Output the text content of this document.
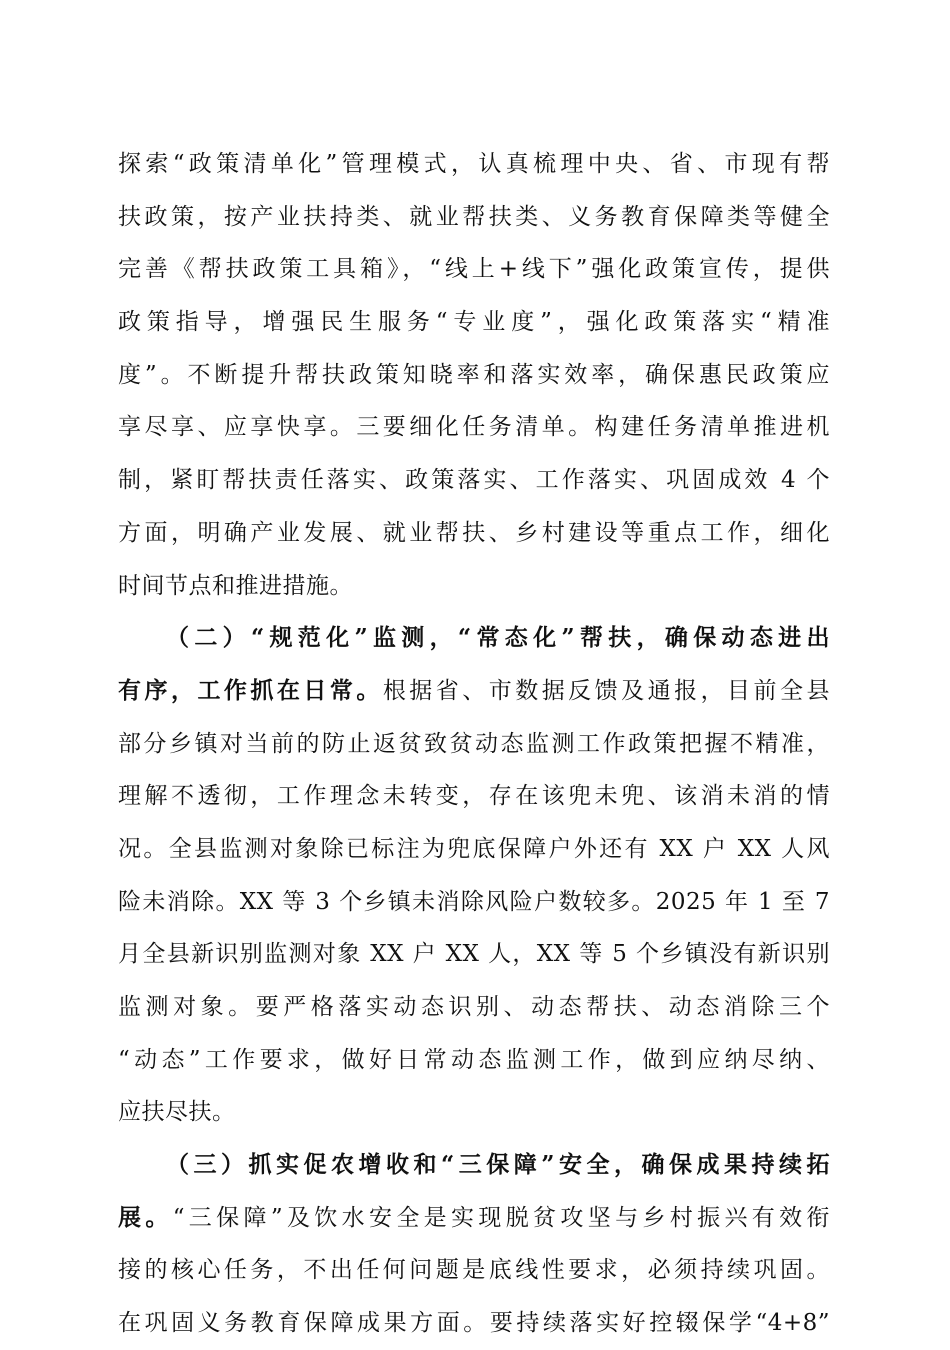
探索“政策清单化”管理模式，认真梳理中央、省、市现有帮
扶政策，按产业扶持类、就业帮扶类、义务教育保障类等健全
完善《帮扶政策工具箱》，“线上+线下”强化政策宣传，提供
政策指导，增强民生服务“专业度”，强化政策落实“精准
度”。不断提升帮扶政策知晓率和落实效率，确保惠民政策应
享尽享、应享快享。三要细化任务清单。构建任务清单推进机
制，紧盯帮扶责任落实、政策落实、工作落实、巩固成效 4 个
方面，明确产业发展、就业帮扶、乡村建设等重点工作，细化
时间节点和推进措施。
（二）“规范化”监测，“常态化”帮扶，确保动态进出
有序，工作抓在日常。根据省、市数据反馈及通报，目前全县
部分乡镇对当前的防止返贫致贫动态监测工作政策把握不精准，
理解不透彻，工作理念未转变，存在该兜未兜、该消未消的情
况。全县监测对象除已标注为兜底保障户外还有 XX 户 XX 人风
险未消除。XX 等 3 个乡镇未消除风险户数较多。2025 年 1 至 7
月全县新识别监测对象 XX 户 XX 人，XX 等 5 个乡镇没有新识别
监测对象。要严格落实动态识别、动态帮扶、动态消除三个
“动态”工作要求，做好日常动态监测工作，做到应纳尽纳、
应扶尽扶。
（三）抓实促农增收和“三保障”安全，确保成果持续拓
展。“三保障”及饮水安全是实现脱贫攻坚与乡村振兴有效衔
接的核心任务，不出任何问题是底线性要求，必须持续巩固。
在巩固义务教育保障成果方面。要持续落实好控辍保学“4+8”
